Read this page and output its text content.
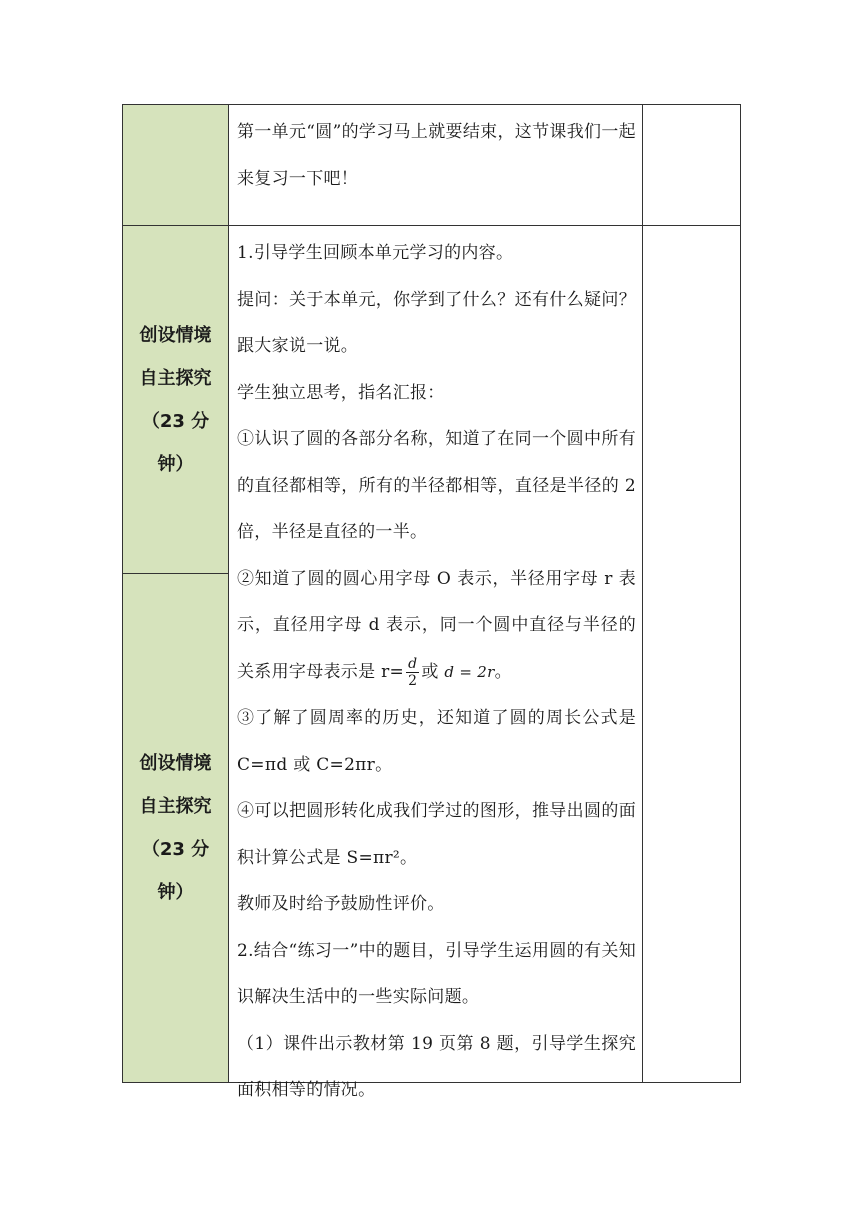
第一单元“圆”的学习马上就要结束，这节课我们一起来复习一下吧！

创设情境
自主探究
（23 分
钟）
创设情境
自主探究
（23 分
钟）

1.引导学生回顾本单元学习的内容。

提问：关于本单元，你学到了什么？还有什么疑问？跟大家说一说。

学生独立思考，指名汇报：

①认识了圆的各部分名称，知道了在同一个圆中所有的直径都相等，所有的半径都相等，直径是半径的 2 倍，半径是直径的一半。

②知道了圆的圆心用字母 O 表示，半径用字母 r 表示，直径用字母 d 表示，同一个圆中直径与半径的关系用字母表示是 $r= \frac{d}{2}$ 或 d = 2r。

③了解了圆周率的历史，还知道了圆的周长公式是 C=πd 或 C=2πr。

④可以把圆形转化成我们学过的图形，推导出圆的面积计算公式是 S=πr²。

教师及时给予鼓励性评价。

2.结合“练习一”中的题目，引导学生运用圆的有关知识解决生活中的一些实际问题。

（1）课件出示教材第 19 页第 8 题，引导学生探究面积相等的情况。
